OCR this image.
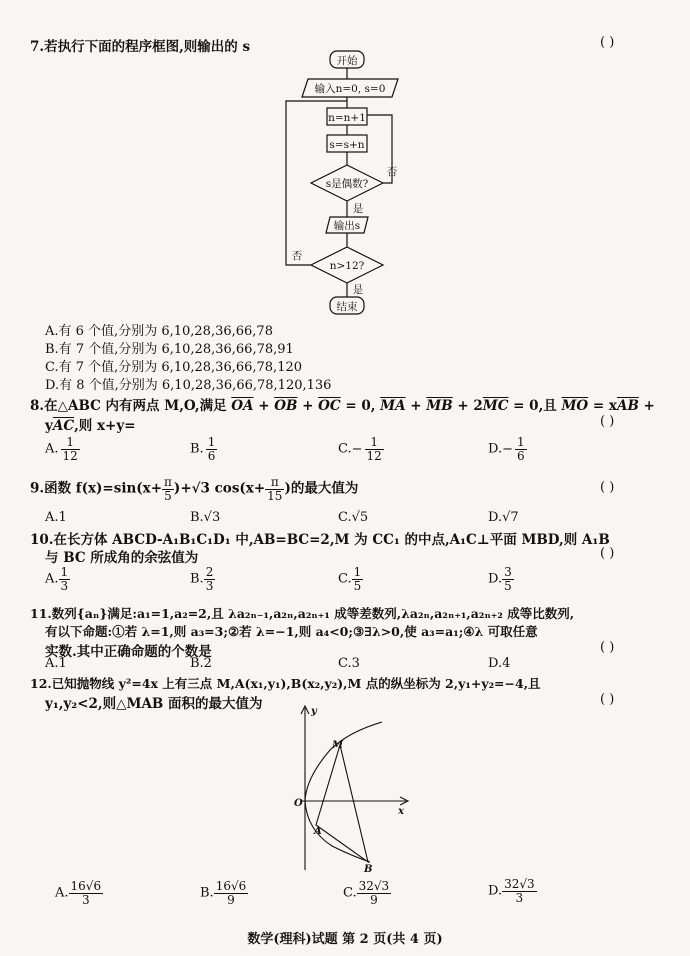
7.若执行下面的程序框图,则输出的 s	( )
开始
输入n=0, s=0
n=n+1
s=s+n
s是偶数?
否
是
输出s
n>12?
否
是
结束
A.有 6 个值,分别为 6,10,28,36,66,78
B.有 7 个值,分别为 6,10,28,36,66,78,91
C.有 7 个值,分别为 6,10,28,36,66,78,120
D.有 8 个值,分别为 6,10,28,36,66,78,120,136
8.在△ABC 内有两点 M,O,满足 $\overline{OA} + \overline{OB} + \overline{OC} = 0$, $\overline{MA} + \overline{MB} + 2\overline{MC} = 0$,且 $\overline{MO} = x\overline{AB}$ +
$y\overline{AC}$,则 x+y=	( )
A. $\frac{1}{12}$	B. $\frac{1}{6}$	$C.- \frac{1}{12}$	$D.- \frac{1}{6}$
9.函数 $f(x)=\sin(x+ \frac{\pi}{5} )+√3$ $\cos(x+ \frac{\pi}{15}$ )的最大值为	( )
A.1	B.√3	C.√5	D.√7
10.在长方体 ABCD-A₁B₁C₁D₁ 中,AB=BC=2,M 为 CC₁ 的中点,A₁C⊥平面 MBD,则 A₁B
与 BC 所成角的余弦值为	( )
A. $\frac{1}{3}$	B. $\frac{2}{3}$	C. $\frac{1}{5}$	D. $\frac{3}{5}$
11.数列{aₙ}满足:a₁=1,a₂=2,且 λa₂ₙ₋₁,a₂ₙ,a₂ₙ₊₁ 成等差数列,λa₂ₙ,a₂ₙ₊₁,a₂ₙ₊₂ 成等比数列,
有以下命题:①若 λ=1,则 a₃=3;②若 λ=−1,则 a₄<0;③∃λ>0,使 a₃=a₁;④λ 可取任意
实数.其中正确命题的个数是	( )
A.1	B.2	C.3	D.4
12.已知抛物线 y²=4x 上有三点 M,A(x₁,y₁),B(x₂,y₂),M 点的纵坐标为 2,y₁+y₂=−4,且
y₁,y₂<2,则△MAB 面积的最大值为	( )
y
x
O
M
A
B
A. $\frac{16√6}{3}$	B. $\frac{16√6}{9}$	C. $\frac{32√3}{9}$	D. $\frac{32√3}{3}$
数学(理科)试题 第 2 页(共 4 页)
